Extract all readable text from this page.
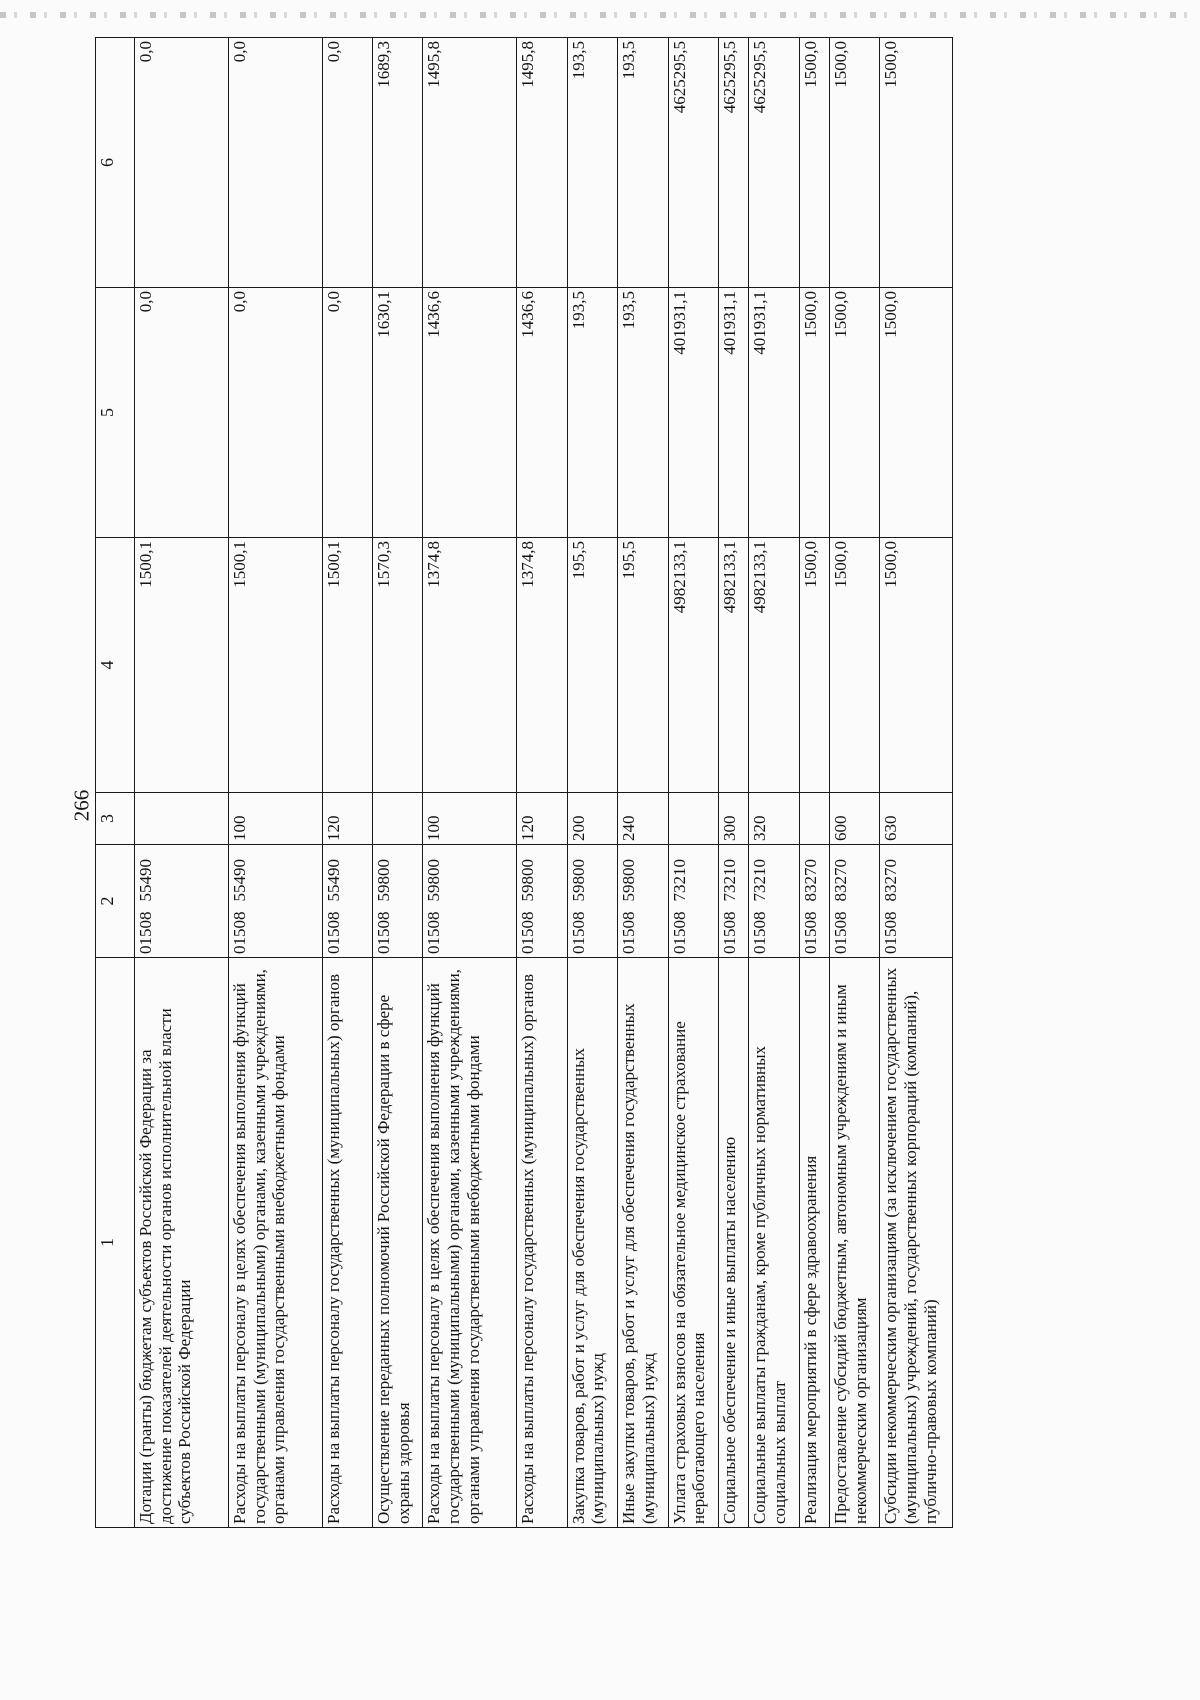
266
1	2	3	4	5	6
Дотации (гранты) бюджетам субъектов Российской Федерации за достижение показателей деятельности органов исполнительной власти субъектов Российской Федерации	0150855490		1500,1	0,0	0,0
Расходы на выплаты персоналу в целях обеспечения выполнения функций государственными (муниципальными) органами, казенными учреждениями, органами управления государственными внебюджетными фондами	0150855490	100	1500,1	0,0	0,0
Расходы на выплаты персоналу государственных (муниципальных) органов	0150855490	120	1500,1	0,0	0,0
Осуществление переданных полномочий Российской Федерации в сфере охраны здоровья	0150859800		1570,3	1630,1	1689,3
Расходы на выплаты персоналу в целях обеспечения выполнения функций государственными (муниципальными) органами, казенными учреждениями, органами управления государственными внебюджетными фондами	0150859800	100	1374,8	1436,6	1495,8
Расходы на выплаты персоналу государственных (муниципальных) органов	0150859800	120	1374,8	1436,6	1495,8
Закупка товаров, работ и услуг для обеспечения государственных (муниципальных) нужд	0150859800	200	195,5	193,5	193,5
Иные закупки товаров, работ и услуг для обеспечения государственных (муниципальных) нужд	0150859800	240	195,5	193,5	193,5
Уплата страховых взносов на обязательное медицинское страхование неработающего населения	0150873210		4982133,1	401931,1	4625295,5
Социальное обеспечение и иные выплаты населению	0150873210	300	4982133,1	401931,1	4625295,5
Социальные выплаты гражданам, кроме публичных нормативных социальных выплат	0150873210	320	4982133,1	401931,1	4625295,5
Реализация мероприятий в сфере здравоохранения	0150883270		1500,0	1500,0	1500,0
Предоставление субсидий бюджетным, автономным учреждениям и иным некоммерческим организациям	0150883270	600	1500,0	1500,0	1500,0
Субсидии некоммерческим организациям (за исключением государственных (муниципальных) учреждений, государственных корпораций (компаний), публично-правовых компаний)	0150883270	630	1500,0	1500,0	1500,0
